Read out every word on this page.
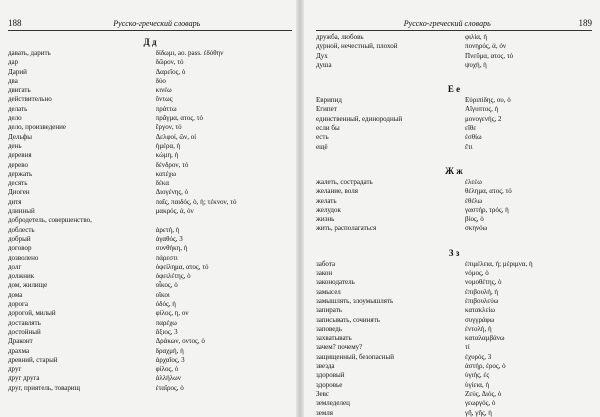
188	Русско-греческий словарь
Д д
давать, дарить	δίδωμι, ao. pass. ἐδόθην
дар	δῶρον, τό
Дарий	Δαρεῖος, ὁ
два	δύο
двигать	κινέω
действительно	ὄντως
делать	πράττω
дело	πρᾶγμα, ατος, τό
дело, произведение	ἔργον, τό
Дельфы	Δελφοί, ῶν, οἱ
день	ἡμέρα, ἡ
деревня	κώμη, ἡ
дерево	δένδρον, τό
держать	κατέχω
десять	δέκα
Диоген	Διογένης, ὁ
дитя	παῖς, παιδός, ὁ, ἡ; τέκνον, τό
длинный	μακρός, ά, όν
добродетель, совершенство,
доблесть	ἀρετή, ἡ
добрый	ἀγαθός, 3
договор	συνθήκη, ἡ
дозволено	πάρεστι
долг	ὀφείλημα, ατος, τό
должник	ὀφειλέτης, ὁ
дом, жилище	οἶκος, ὁ
дома	οἴκοι
дорога	ὁδός, ἡ
дорогой, милый	φίλος, η, ον
доставлять	παρέχω
достойный	ἄξιος, 3
Драконт	Δράκων, οντος, ὁ
драхма	δραχμή, ἡ
древний, старый	ἀρχαῖος, 3
друг	φίλος, ὁ
друг друга	ἀλλήλων
друг, приятель, товарищ	ἑταῖρος, ὁ
Русско-греческий словарь	189
дружба, любовь	φιλία, ἡ
дурной, нечестный, плохой	πονηρός, ά, όν
Дух	Πνεῦμα, ατος, τό
душа	ψυχή, ἡ
Е е
Еврипид	Εὐριπίδης, ου, ὁ
Египет	Αἴγυπτος, ἡ
единственный, единородный	μονογενής, 2
если бы	εἴθε
есть	ἐσθίω
ещё	ἔτι
Ж ж
жалеть, сострадать	ἐλεέω
желание, воля	θέλημα, ατος, τό
желать	ἐθέλω
желудок	γαστήρ, τρός, ἡ
жизнь	βίος, ὁ
жить, располагаться	σκηνόω
З з
забота	ἐπιμέλεια, ἡ; μέριμνα, ἡ
закон	νόμος, ὁ
законодатель	νομοθέτης, ὁ
замысел	ἐπιβουλή, ἡ
замышлять, злоумышлять	ἐπιβουλεύω
запирать	κατακλείω
записывать, сочинять	συγγράφω
заповедь	ἐντολή, ἡ
захватывать	καταλαμβάνω
зачем? почему?	τί
защищенный, безопасный	ἐχυρός, 3
звезда	ἀστήρ, έρος, ὁ
здоровый	ὑγιής, ές
здоровье	ὑγίεια, ἡ
Зевс	Ζεύς, Διός, ὁ
земледелец	γεωργός, ὁ
земля	γῆ, γῆς, ἡ
